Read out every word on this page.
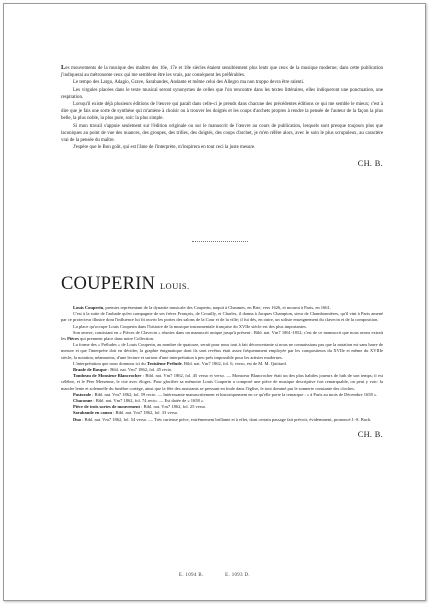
Les mouvements de la musique des maîtres des 16e, 17e et 18e siècles étaient sensiblement plus lents que ceux de la musique moderne; dans cette publication j'indiquerai au métronome ceux qui me semblent être les vrais, par conséquent les préférables.

Le tempo des Largo, Adagio, Grave, Sarabandes, Andante et même celui des Allegro ma non troppo devra être ralenti.

Les virgules placées dans le texte musical seront synonymes de celles que l'on rencontre dans les textes littéraires, elles indiqueront une ponctuation, une respiration.

Lorsqu'il existe déjà plusieurs éditions de l'œuvre qui paraît dans celle-ci je prends dans chacune des précédentes éditions ce qui me semble le mieux; c'est à dire que je fais une sorte de synthèse qui m'amène à choisir ou à trouver les doigtés et les coups d'archets propres à rendre la pensée de l'auteur de la façon la plus belle, la plus noble, la plus pure, soit: la plus simple.

Si mon travail s'appuie seulement sur l'édition originale ou sur le manuscrit de l'œuvre au cours de publication, lesquels sont presque toujours plus que laconiques au point de vue des nuances, des groupes, des trilles, des doigtés, des coups d'archet, je m'en réfère alors, avec le soin le plus scrupuleux, au caractère vrai de la pensée du maître.

J'espère que le Bon goût, qui est l'âme de l'interprète, m'inspirera en tout ceci la juste mesure.

CH. B.
COUPERIN LOUIS.

Louis Couperin, premier représentant de la dynastie musicale des Couperin, naquit à Chaumes, en Brie, vers 1626, et mourut à Paris, en 1661.

C'est à la suite de l'aubade qu'en compagnie de ses frères François, de Crouilly, et Charles, il donna à Jacques Champion, sieur de Chambonnières, qu'il vint à Paris amené par ce protecteur illustre dont l'influence lui fit ouvrir les portes des salons de la Cour et de la ville; il fut dès, en outre, un soliste enseignement du clavecin et de la composition.

La place qu'occupe Louis Couperin dans l'histoire de la musique instrumentale française du XVIIe siècle est des plus importantes.

Son œuvre, consistant en « Pièces de Clavecin » réunies dans un manuscrit unique jusqu'à présent : Bibl. nat. Vm7 1861-1852; c'est de ce manuscrit que nous avons extrait les Pièces qui prennent place dans notre Collection.

La forme des « Préludes » de Louis Couperin, au nombre de quatorze, serait pour nous tout à fait déconcertante si nous ne connaissions pas que la notation est sans barre de mesure et que l'interprète doit en décider; la graphie énigmatique dont ils sont revêtus était assez fréquemment employée par les compositeurs du XVIIe et même du XVIIIe siècle; la notation, néanmoins, d'une lecture et surtout d'une interprétation à peu près impossible pour les artistes modernes.

L'interprétation que nous donnons ici du Troisième Prélude. Bibl. nat. Vm7 1862, fol. 6, verso, est de M. M. Quittard.

Branle de Basque : Bibl. nat. Vm7 1862, fol. 45 recto.

Tombeau de Monsieur Blancrocher : Bibl. nat. Vm7 1862, fol. 45 verso et verso. — Monsieur Blancrocher était un des plus habiles joueurs de luth de son temps; il est célèbre, et le Père Mersenne, le cite avec éloges. Pour glorifier sa mémoire Louis Couperin a composé une pièce de musique descriptive fort remarquable, on peut y voir: la marche lente et solennelle du funèbre cortège, ainsi que la fête des assistants se pressant en foule dans l'église, le tout dominé par le sonnerie constante des cloches.

Pastorale : Bibl. nat. Vm7 1862, fol. 59 recto. — Intéressante manuscritement et historiquement en ce qu'elle porte la remarque : « à Paris au mois de Décembre 1658 ».

Chaconne : Bibl. nat. Vm7 1862, fol. 74 recto. — Est datée de « 1658 ».

Pièce de trois sortes de mouvement : Bibl. nat. Vm7 1862, fol. 25 verso.

Sarabande en canon : Bibl. nat. Vm7 1862, fol. 33 verso.

Duo : Bibl. nat. Vm7 1862, fol. 54 verso. — Très curieuse pièce, extrêmement brillante et à effet, dont certain passage fait prévoir, évidemment, prononcé J.-S. Bach.

CH. B.
E. 1094 B.	E. 1093 D.
